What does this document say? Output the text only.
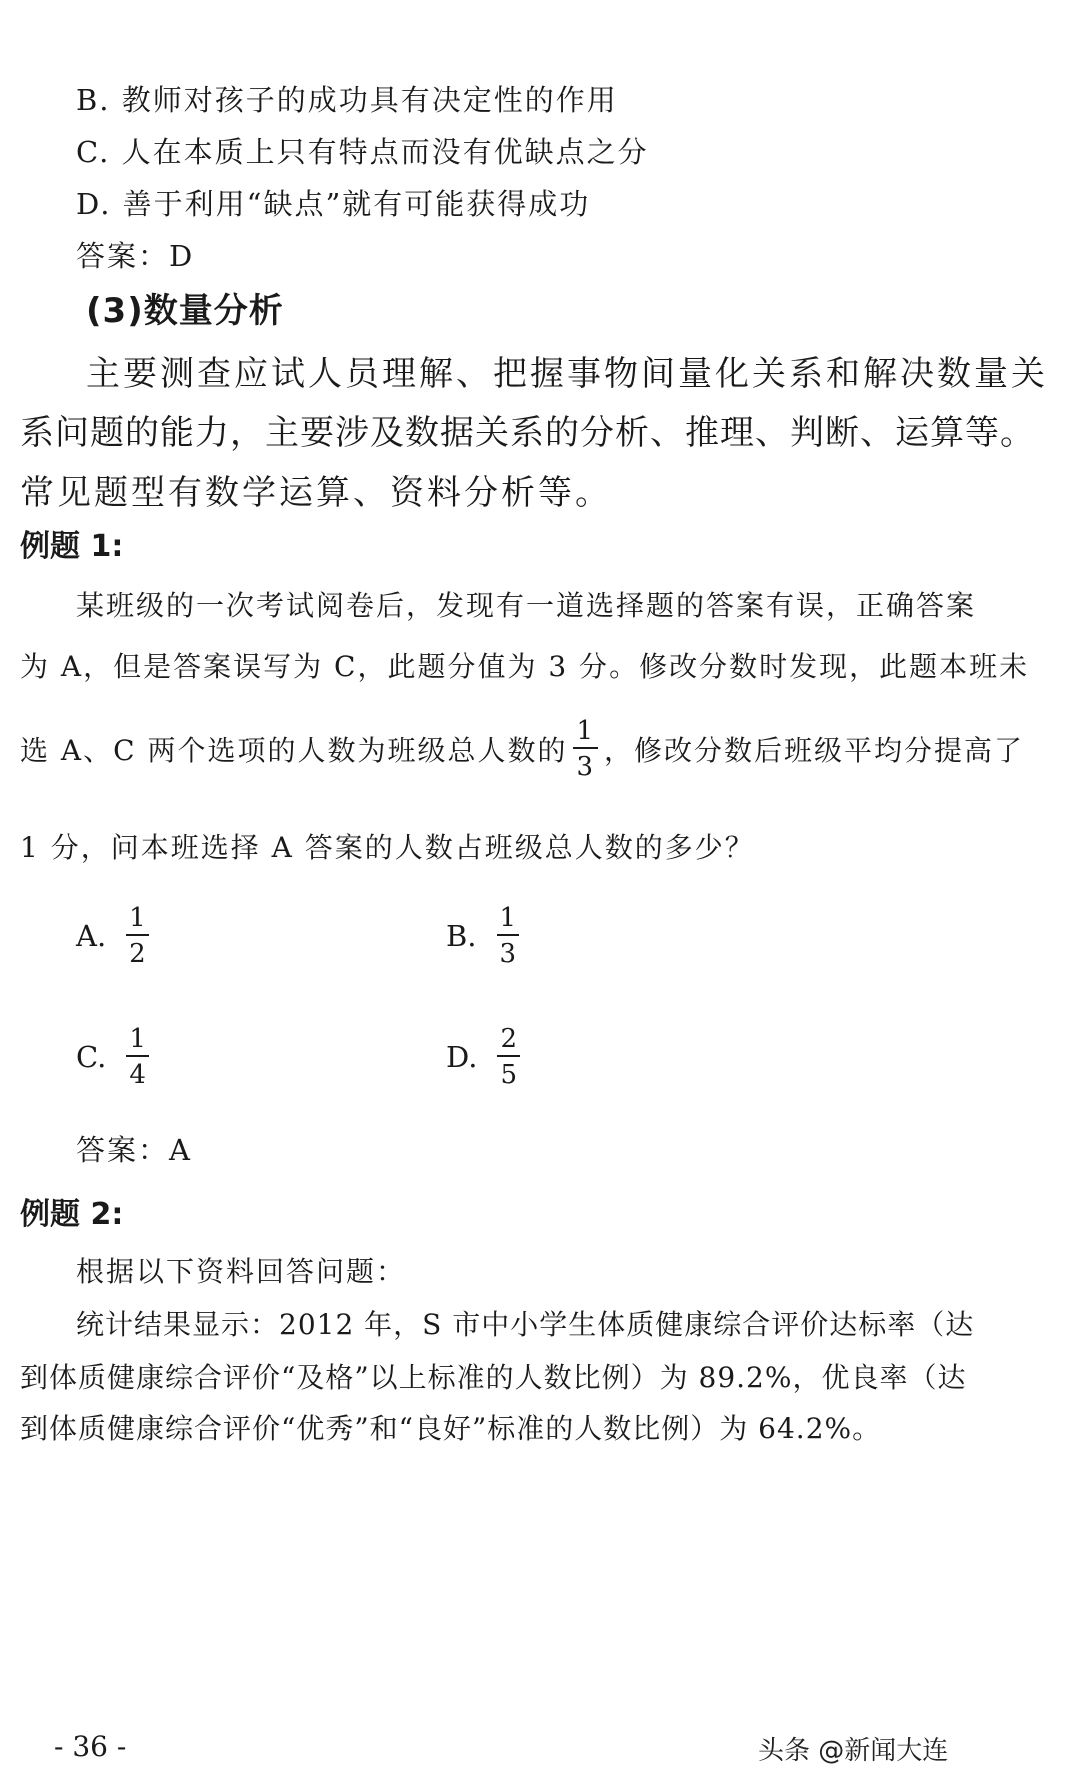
B. 教师对孩子的成功具有决定性的作用
C. 人在本质上只有特点而没有优缺点之分
D. 善于利用“缺点”就有可能获得成功
答案：D
(3)数量分析
主要测查应试人员理解、把握事物间量化关系和解决数量关
系问题的能力，主要涉及数据关系的分析、推理、判断、运算等。
常见题型有数学运算、资料分析等。
例题 1:
某班级的一次考试阅卷后，发现有一道选择题的答案有误，正确答案
为 A，但是答案误写为 C，此题分值为 3 分。修改分数时发现，此题本班未
选 A、C 两个选项的人数为班级总人数的 $\frac{1}{3}$ ，修改分数后班级平均分提高了
1 分，问本班选择 A 答案的人数占班级总人数的多少？
A. $\frac{1}{2}$	B. $\frac{1}{3}$
C. $\frac{1}{4}$	D. $\frac{2}{5}$
答案：A
例题 2:
根据以下资料回答问题：
统计结果显示：2012 年，S 市中小学生体质健康综合评价达标率（达
到体质健康综合评价“及格”以上标准的人数比例）为 89.2%，优良率（达
到体质健康综合评价“优秀”和“良好”标准的人数比例）为 64.2%。
- 36 -	头条 @新闻大连
